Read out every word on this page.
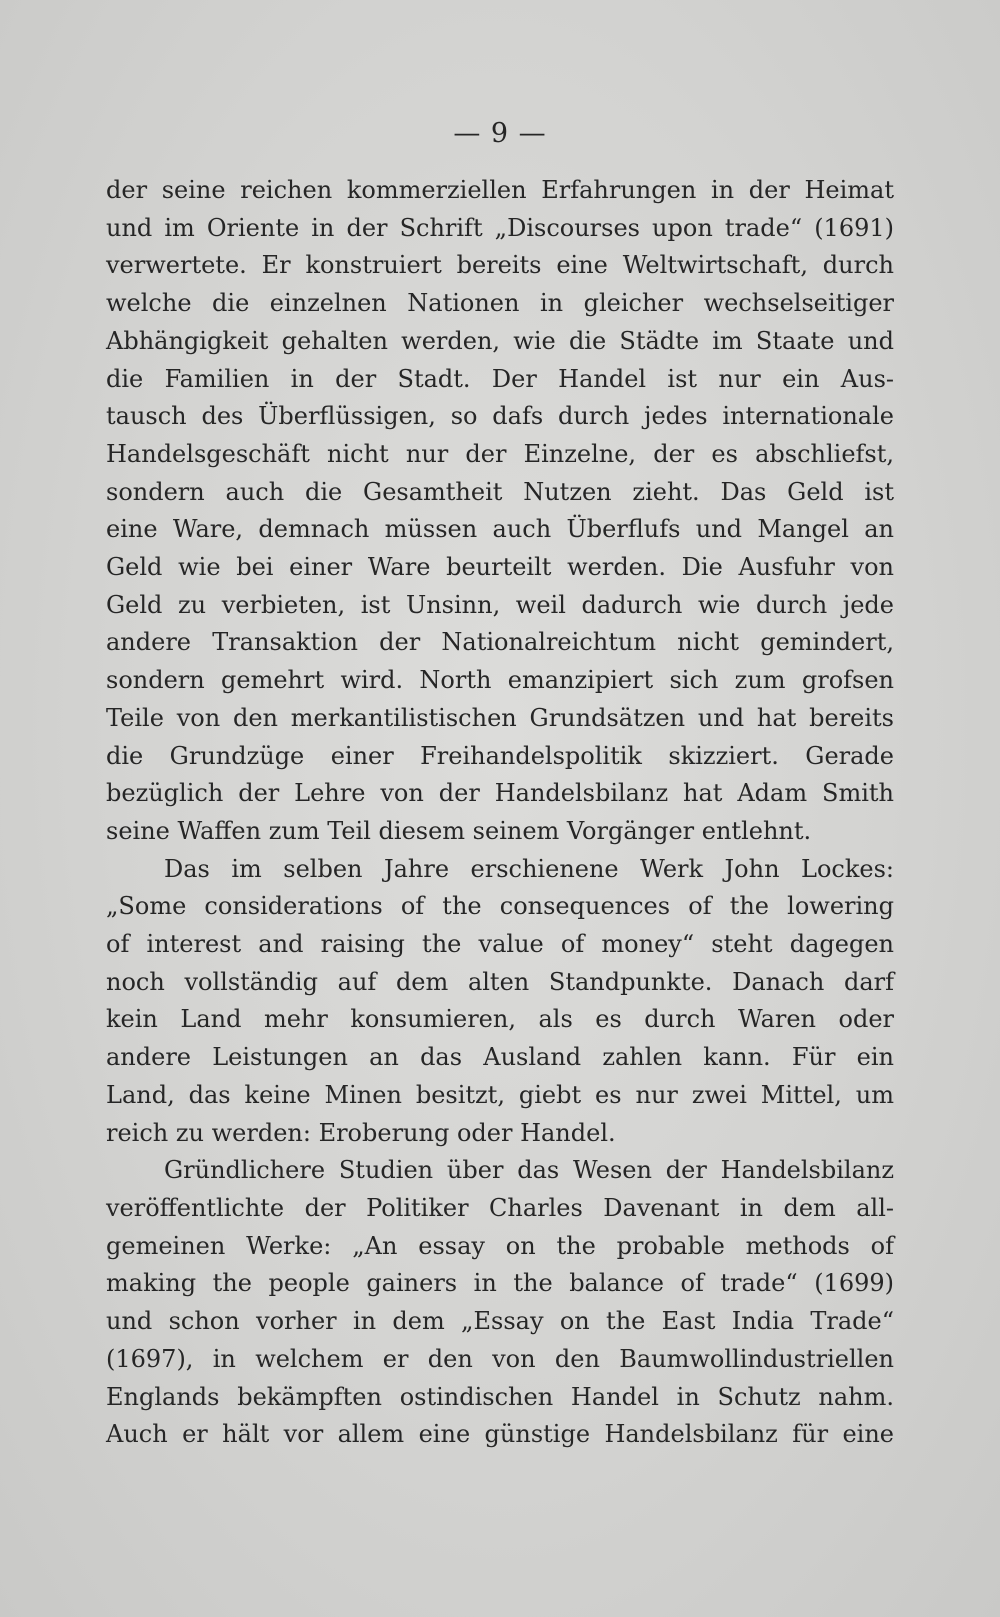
— 9 —

der seine reichen kommerziellen Erfahrungen in der Heimat

und im Oriente in der Schrift „Discourses upon trade“ (1691)

verwertete. Er konstruiert bereits eine Weltwirtschaft, durch

welche die einzelnen Nationen in gleicher wechselseitiger

Abhängigkeit gehalten werden, wie die Städte im Staate und

die Familien in der Stadt. Der Handel ist nur ein Aus-

tausch des Überflüssigen, so dafs durch jedes internationale

Handelsgeschäft nicht nur der Einzelne, der es abschliefst,

sondern auch die Gesamtheit Nutzen zieht. Das Geld ist

eine Ware, demnach müssen auch Überflufs und Mangel an

Geld wie bei einer Ware beurteilt werden. Die Ausfuhr von

Geld zu verbieten, ist Unsinn, weil dadurch wie durch jede

andere Transaktion der Nationalreichtum nicht gemindert,

sondern gemehrt wird. North emanzipiert sich zum grofsen

Teile von den merkantilistischen Grundsätzen und hat bereits

die Grundzüge einer Freihandelspolitik skizziert. Gerade

bezüglich der Lehre von der Handelsbilanz hat Adam Smith

seine Waffen zum Teil diesem seinem Vorgänger entlehnt.

Das im selben Jahre erschienene Werk John Lockes:

„Some considerations of the consequences of the lowering

of interest and raising the value of money“ steht dagegen

noch vollständig auf dem alten Standpunkte. Danach darf

kein Land mehr konsumieren, als es durch Waren oder

andere Leistungen an das Ausland zahlen kann. Für ein

Land, das keine Minen besitzt, giebt es nur zwei Mittel, um

reich zu werden: Eroberung oder Handel.

Gründlichere Studien über das Wesen der Handelsbilanz

veröffentlichte der Politiker Charles Davenant in dem all-

gemeinen Werke: „An essay on the probable methods of

making the people gainers in the balance of trade“ (1699)

und schon vorher in dem „Essay on the East India Trade“

(1697), in welchem er den von den Baumwollindustriellen

Englands bekämpften ostindischen Handel in Schutz nahm.

Auch er hält vor allem eine günstige Handelsbilanz für eine
